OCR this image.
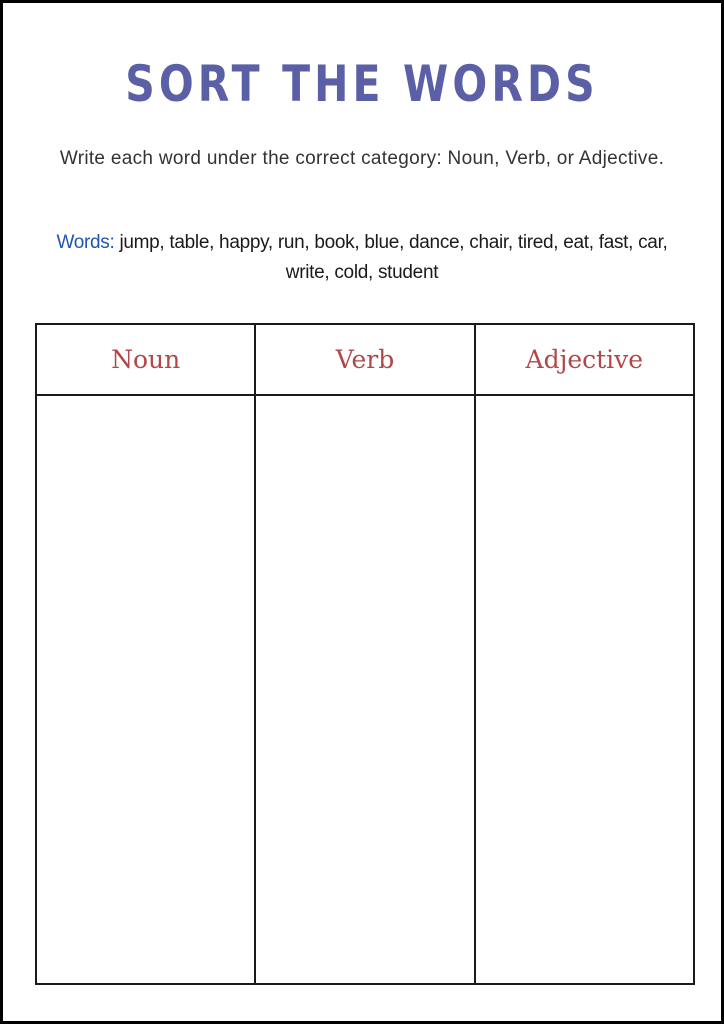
SORT THE WORDS
Write each word under the correct category: Noun, Verb, or Adjective.
Words: jump, table, happy, run, book, blue, dance, chair, tired, eat, fast, car, write, cold, student
Noun	Verb	Adjective
